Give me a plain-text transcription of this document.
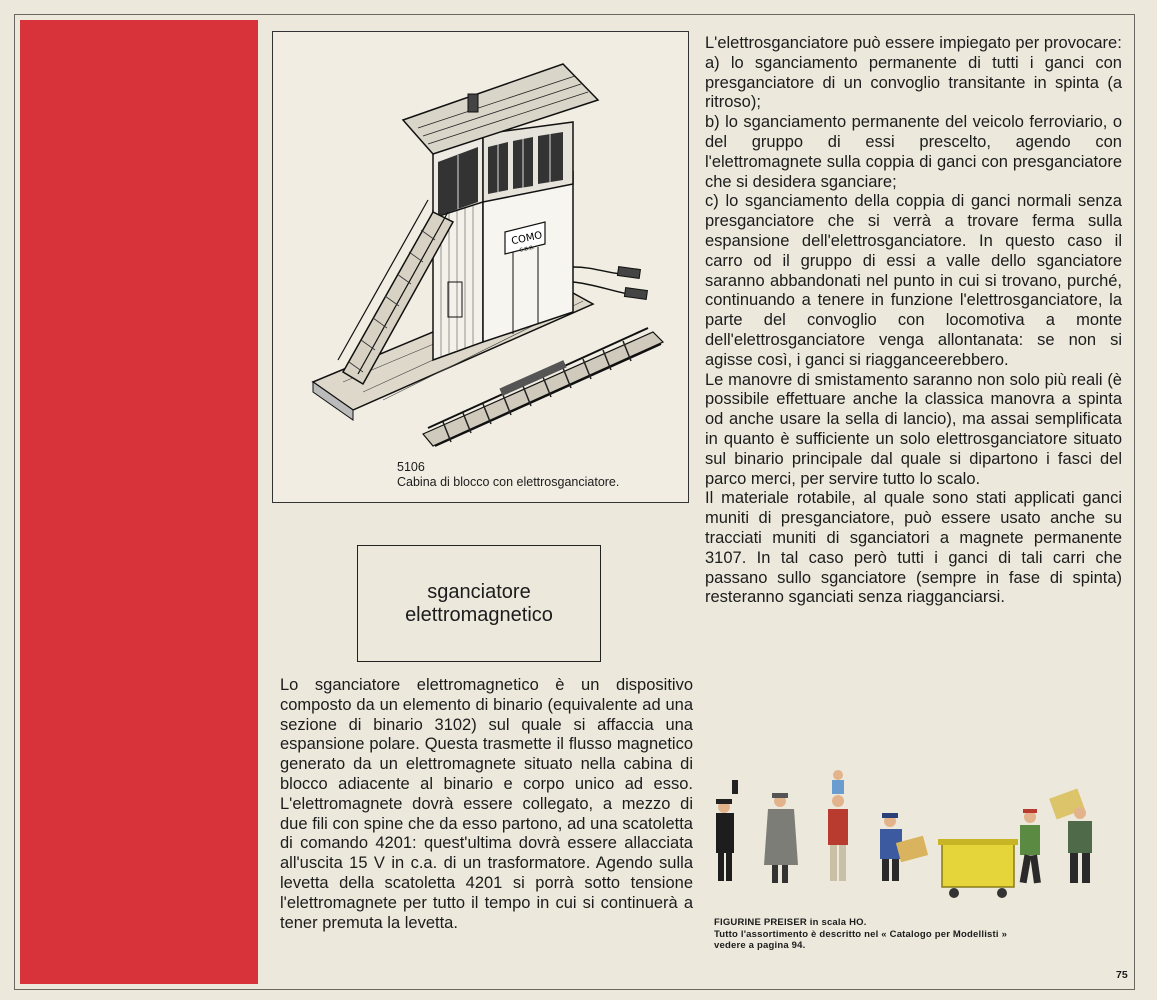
COMO
C.B.B.
5106
Cabina di blocco con elettrosganciatore.
sganciatore
elettromagnetico

Lo sganciatore elettromagnetico è un dispositivo composto da un elemento di binario (equivalente ad una sezione di binario 3102) sul quale si affaccia una espansione polare. Questa trasmette il flusso magnetico generato da un elettromagnete situato nella cabina di blocco adiacente al binario e corpo unico ad esso. L'elettromagnete dovrà essere collegato, a mezzo di due fili con spine che da esso partono, ad una scatoletta di comando 4201: quest'ultima dovrà essere allacciata all'uscita 15 V in c.a. di un trasformatore. Agendo sulla levetta della scatoletta 4201 si porrà sotto tensione l'elettromagnete per tutto il tempo in cui si continuerà a tener premuta la levetta.

L'elettrosganciatore può essere impiegato per provocare:

a) lo sganciamento permanente di tutti i ganci con presganciatore di un convoglio transitante in spinta (a ritroso);

b) lo sganciamento permanente del veicolo ferroviario, o del gruppo di essi prescelto, agendo con l'elettromagnete sulla coppia di ganci con presganciatore che si desidera sganciare;

c) lo sganciamento della coppia di ganci normali senza presganciatore che si verrà a trovare ferma sulla espansione dell'elettrosganciatore. In questo caso il carro od il gruppo di essi a valle dello sganciatore saranno abbandonati nel punto in cui si trovano, purché, continuando a tenere in funzione l'elettrosganciatore, la parte del convoglio con locomotiva a monte dell'elettrosganciatore venga allontanata: se non si agisse così, i ganci si riagganceerebbero.

Le manovre di smistamento saranno non solo più reali (è possibile effettuare anche la classica manovra a spinta od anche usare la sella di lancio), ma assai semplificata in quanto è sufficiente un solo elettrosganciatore situato sul binario principale dal quale si dipartono i fasci del parco merci, per servire tutto lo scalo.

Il materiale rotabile, al quale sono stati applicati ganci muniti di presganciatore, può essere usato anche su tracciati muniti di sganciatori a magnete permanente 3107. In tal caso però tutti i ganci di tali carri che passano sullo sganciatore (sempre in fase di spinta) resteranno sganciati senza riagganciarsi.

FIGURINE PREISER in scala HO.
Tutto l'assortimento è descritto nel « Catalogo per Modellisti »
vedere a pagina 94.
75
